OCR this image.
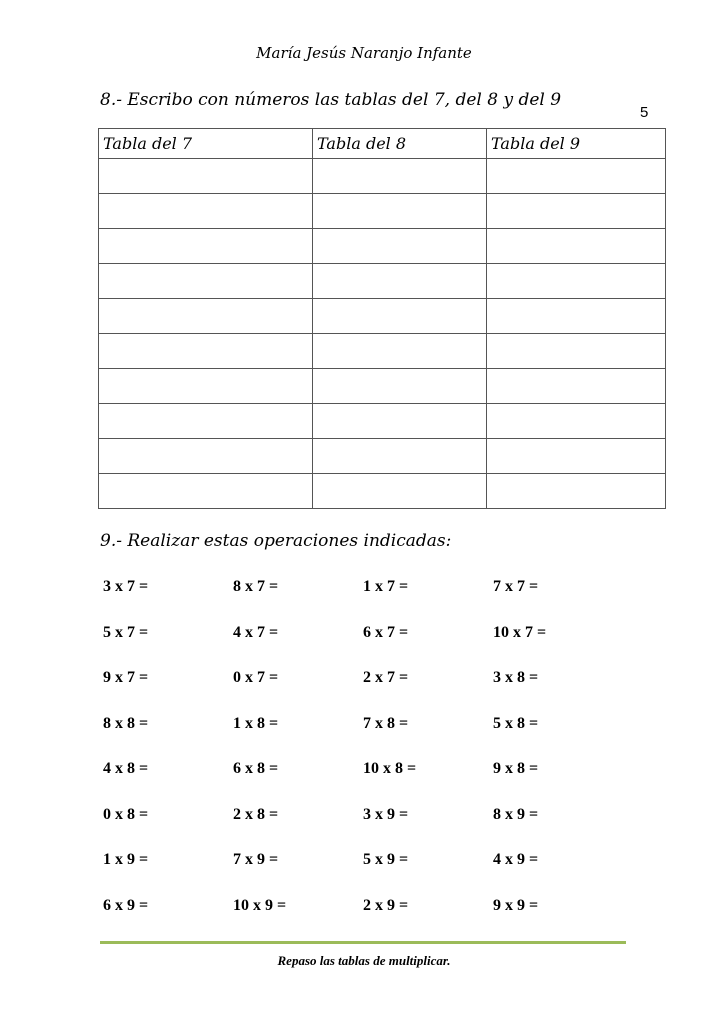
María Jesús Naranjo Infante
5
8.- Escribo con números las tablas del 7, del 8 y del 9
Tabla del 7	Tabla del 8	Tabla del 9

9.- Realizar estas operaciones indicadas:
3 x 7 =	8 x 7 =	1 x 7 =	7 x 7 =
5 x 7 =	4 x 7 =	6 x 7 =	10 x 7 =
9 x 7 =	0 x 7 =	2 x 7 =	3 x 8 =
8 x 8 =	1 x 8 =	7 x 8 =	5 x 8 =
4 x 8 =	6 x 8 =	10 x 8 =	9 x 8 =
0 x 8 =	2 x 8 =	3 x 9 =	8 x 9 =
1 x 9 =	7 x 9 =	5 x 9 =	4 x 9 =
6 x 9 =	10 x 9 =	2 x 9 =	9 x 9 =
Repaso las tablas de multiplicar.
